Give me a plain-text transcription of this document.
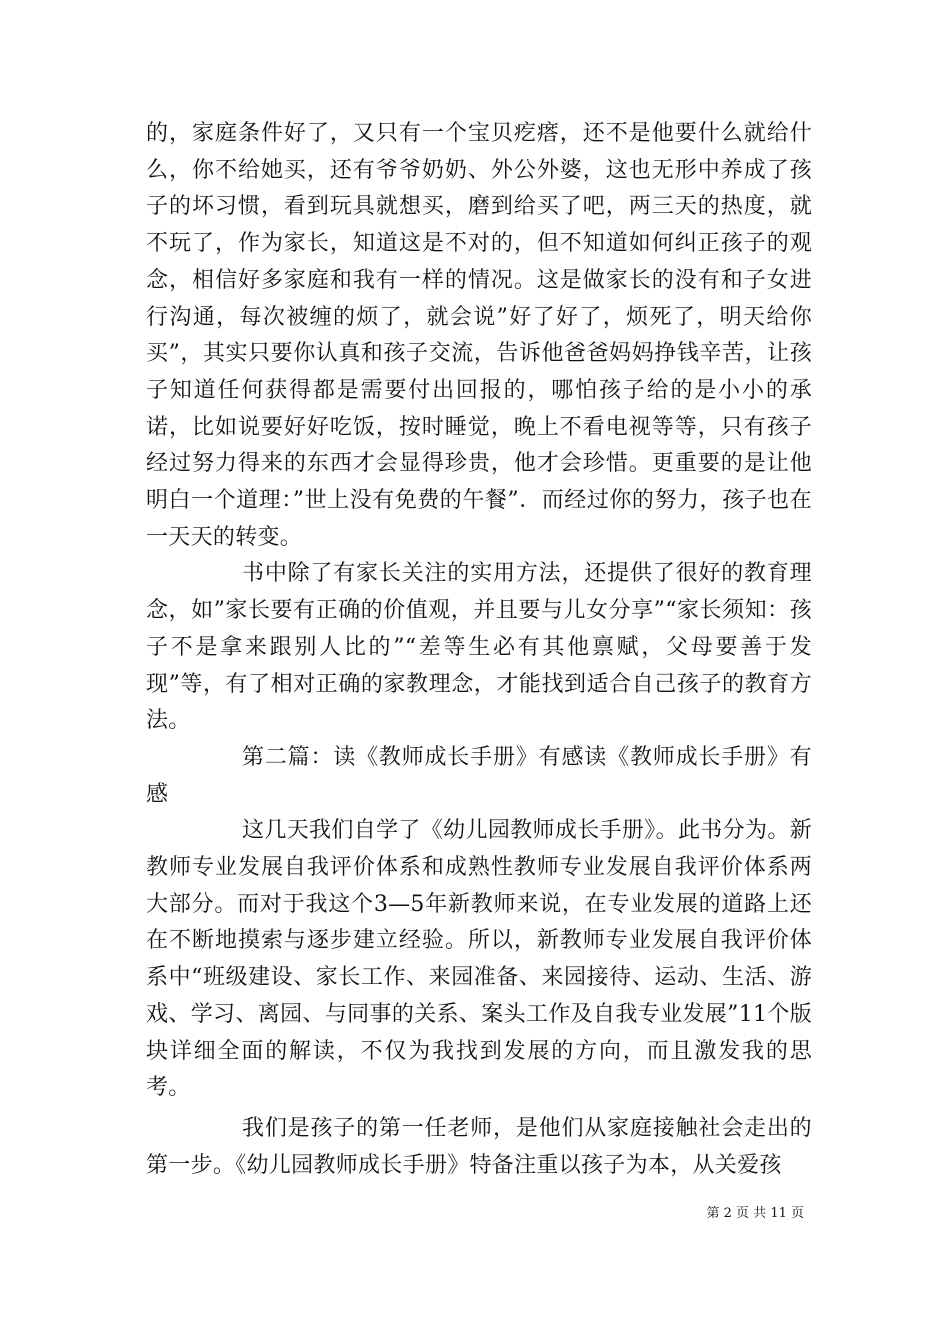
的，家庭条件好了，又只有一个宝贝疙瘩，还不是他要什么就给什么，你不给她买，还有爷爷奶奶、外公外婆，这也无形中养成了孩子的坏习惯，看到玩具就想买，磨到给买了吧，两三天的热度，就不玩了，作为家长，知道这是不对的，但不知道如何纠正孩子的观念，相信好多家庭和我有一样的情况。这是做家长的没有和子女进行沟通，每次被缠的烦了，就会说”好了好了，烦死了，明天给你买”，其实只要你认真和孩子交流，告诉他爸爸妈妈挣钱辛苦，让孩子知道任何获得都是需要付出回报的，哪怕孩子给的是小小的承诺，比如说要好好吃饭，按时睡觉，晚上不看电视等等，只有孩子经过努力得来的东西才会显得珍贵，他才会珍惜。更重要的是让他明白一个道理：”世上没有免费的午餐”．而经过你的努力，孩子也在一天天的转变。

书中除了有家长关注的实用方法，还提供了很好的教育理念，如”家长要有正确的价值观，并且要与儿女分享”“家长须知：孩子不是拿来跟别人比的”“差等生必有其他禀赋，父母要善于发现”等，有了相对正确的家教理念，才能找到适合自己孩子的教育方法。

第二篇：读《教师成长手册》有感读《教师成长手册》有感

这几天我们自学了《幼儿园教师成长手册》。此书分为。新教师专业发展自我评价体系和成熟性教师专业发展自我评价体系两大部分。而对于我这个3—5年新教师来说，在专业发展的道路上还在不断地摸索与逐步建立经验。所以，新教师专业发展自我评价体系中“班级建设、家长工作、来园准备、来园接待、运动、生活、游戏、学习、离园、与同事的关系、案头工作及自我专业发展”11个版块详细全面的解读，不仅为我找到发展的方向，而且激发我的思考。

我们是孩子的第一任老师，是他们从家庭接触社会走出的第一步。《幼儿园教师成长手册》特备注重以孩子为本，从关爱孩

第 2 页 共 11 页
